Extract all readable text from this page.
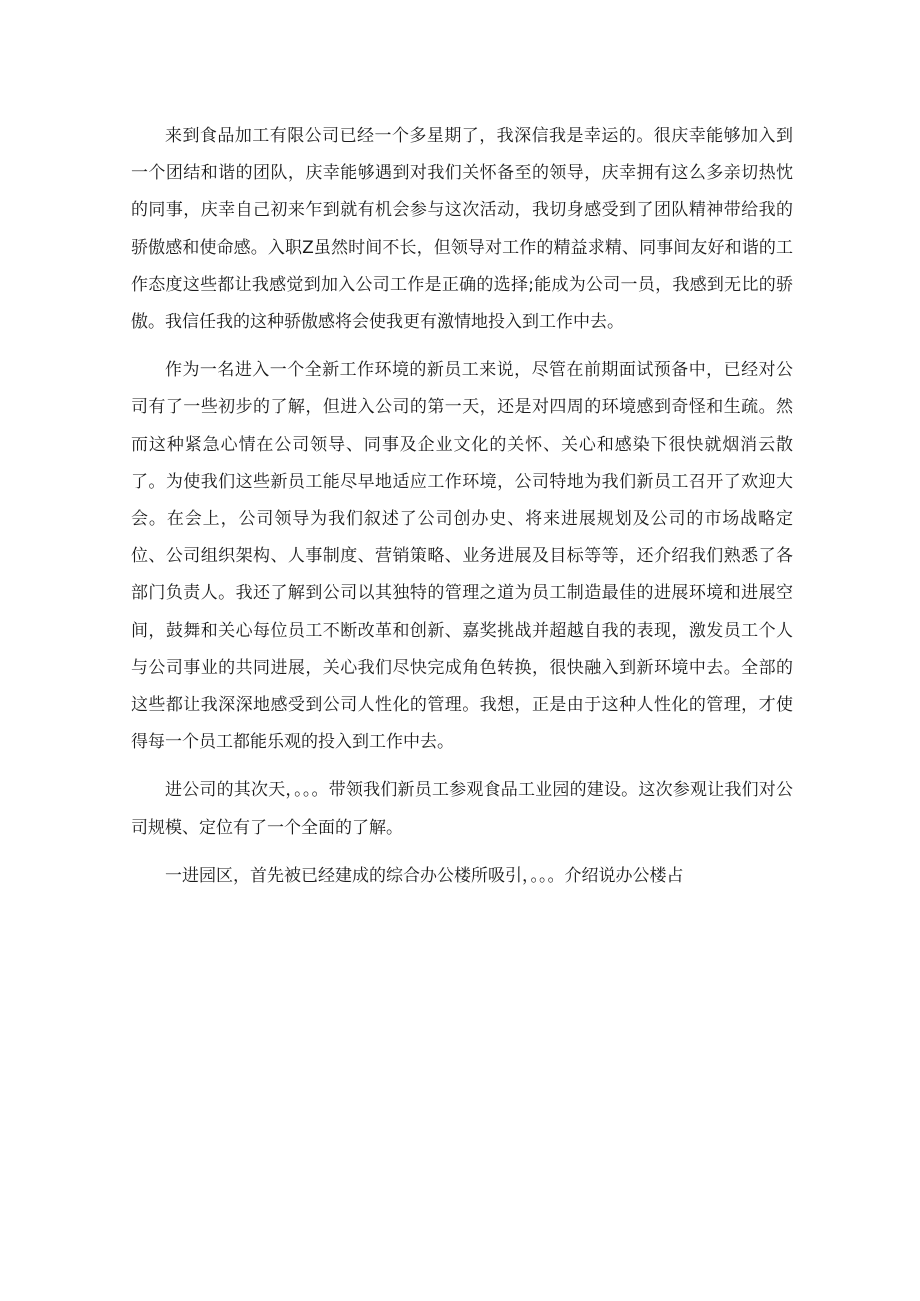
来到食品加工有限公司已经一个多星期了，我深信我是幸运的。很庆幸能够加入到一个团结和谐的团队，庆幸能够遇到对我们关怀备至的领导，庆幸拥有这么多亲切热忱的同事，庆幸自己初来乍到就有机会参与这次活动，我切身感受到了团队精神带给我的骄傲感和使命感。入职Z虽然时间不长，但领导对工作的精益求精、同事间友好和谐的工作态度这些都让我感觉到加入公司工作是正确的选择;能成为公司一员，我感到无比的骄傲。我信任我的这种骄傲感将会使我更有激情地投入到工作中去。

作为一名进入一个全新工作环境的新员工来说，尽管在前期面试预备中，已经对公司有了一些初步的了解，但进入公司的第一天，还是对四周的环境感到奇怪和生疏。然而这种紧急心情在公司领导、同事及企业文化的关怀、关心和感染下很快就烟消云散了。为使我们这些新员工能尽早地适应工作环境，公司特地为我们新员工召开了欢迎大会。在会上，公司领导为我们叙述了公司创办史、将来进展规划及公司的市场战略定位、公司组织架构、人事制度、营销策略、业务进展及目标等等，还介绍我们熟悉了各部门负责人。我还了解到公司以其独特的管理之道为员工制造最佳的进展环境和进展空间，鼓舞和关心每位员工不断改革和创新、嘉奖挑战并超越自我的表现，激发员工个人与公司事业的共同进展，关心我们尽快完成角色转换，很快融入到新环境中去。全部的这些都让我深深地感受到公司人性化的管理。我想，正是由于这种人性化的管理，才使得每一个员工都能乐观的投入到工作中去。

进公司的其次天，。。。带领我们新员工参观食品工业园的建设。这次参观让我们对公司规模、定位有了一个全面的了解。

一进园区，首先被已经建成的综合办公楼所吸引，。。。介绍说办公楼占
